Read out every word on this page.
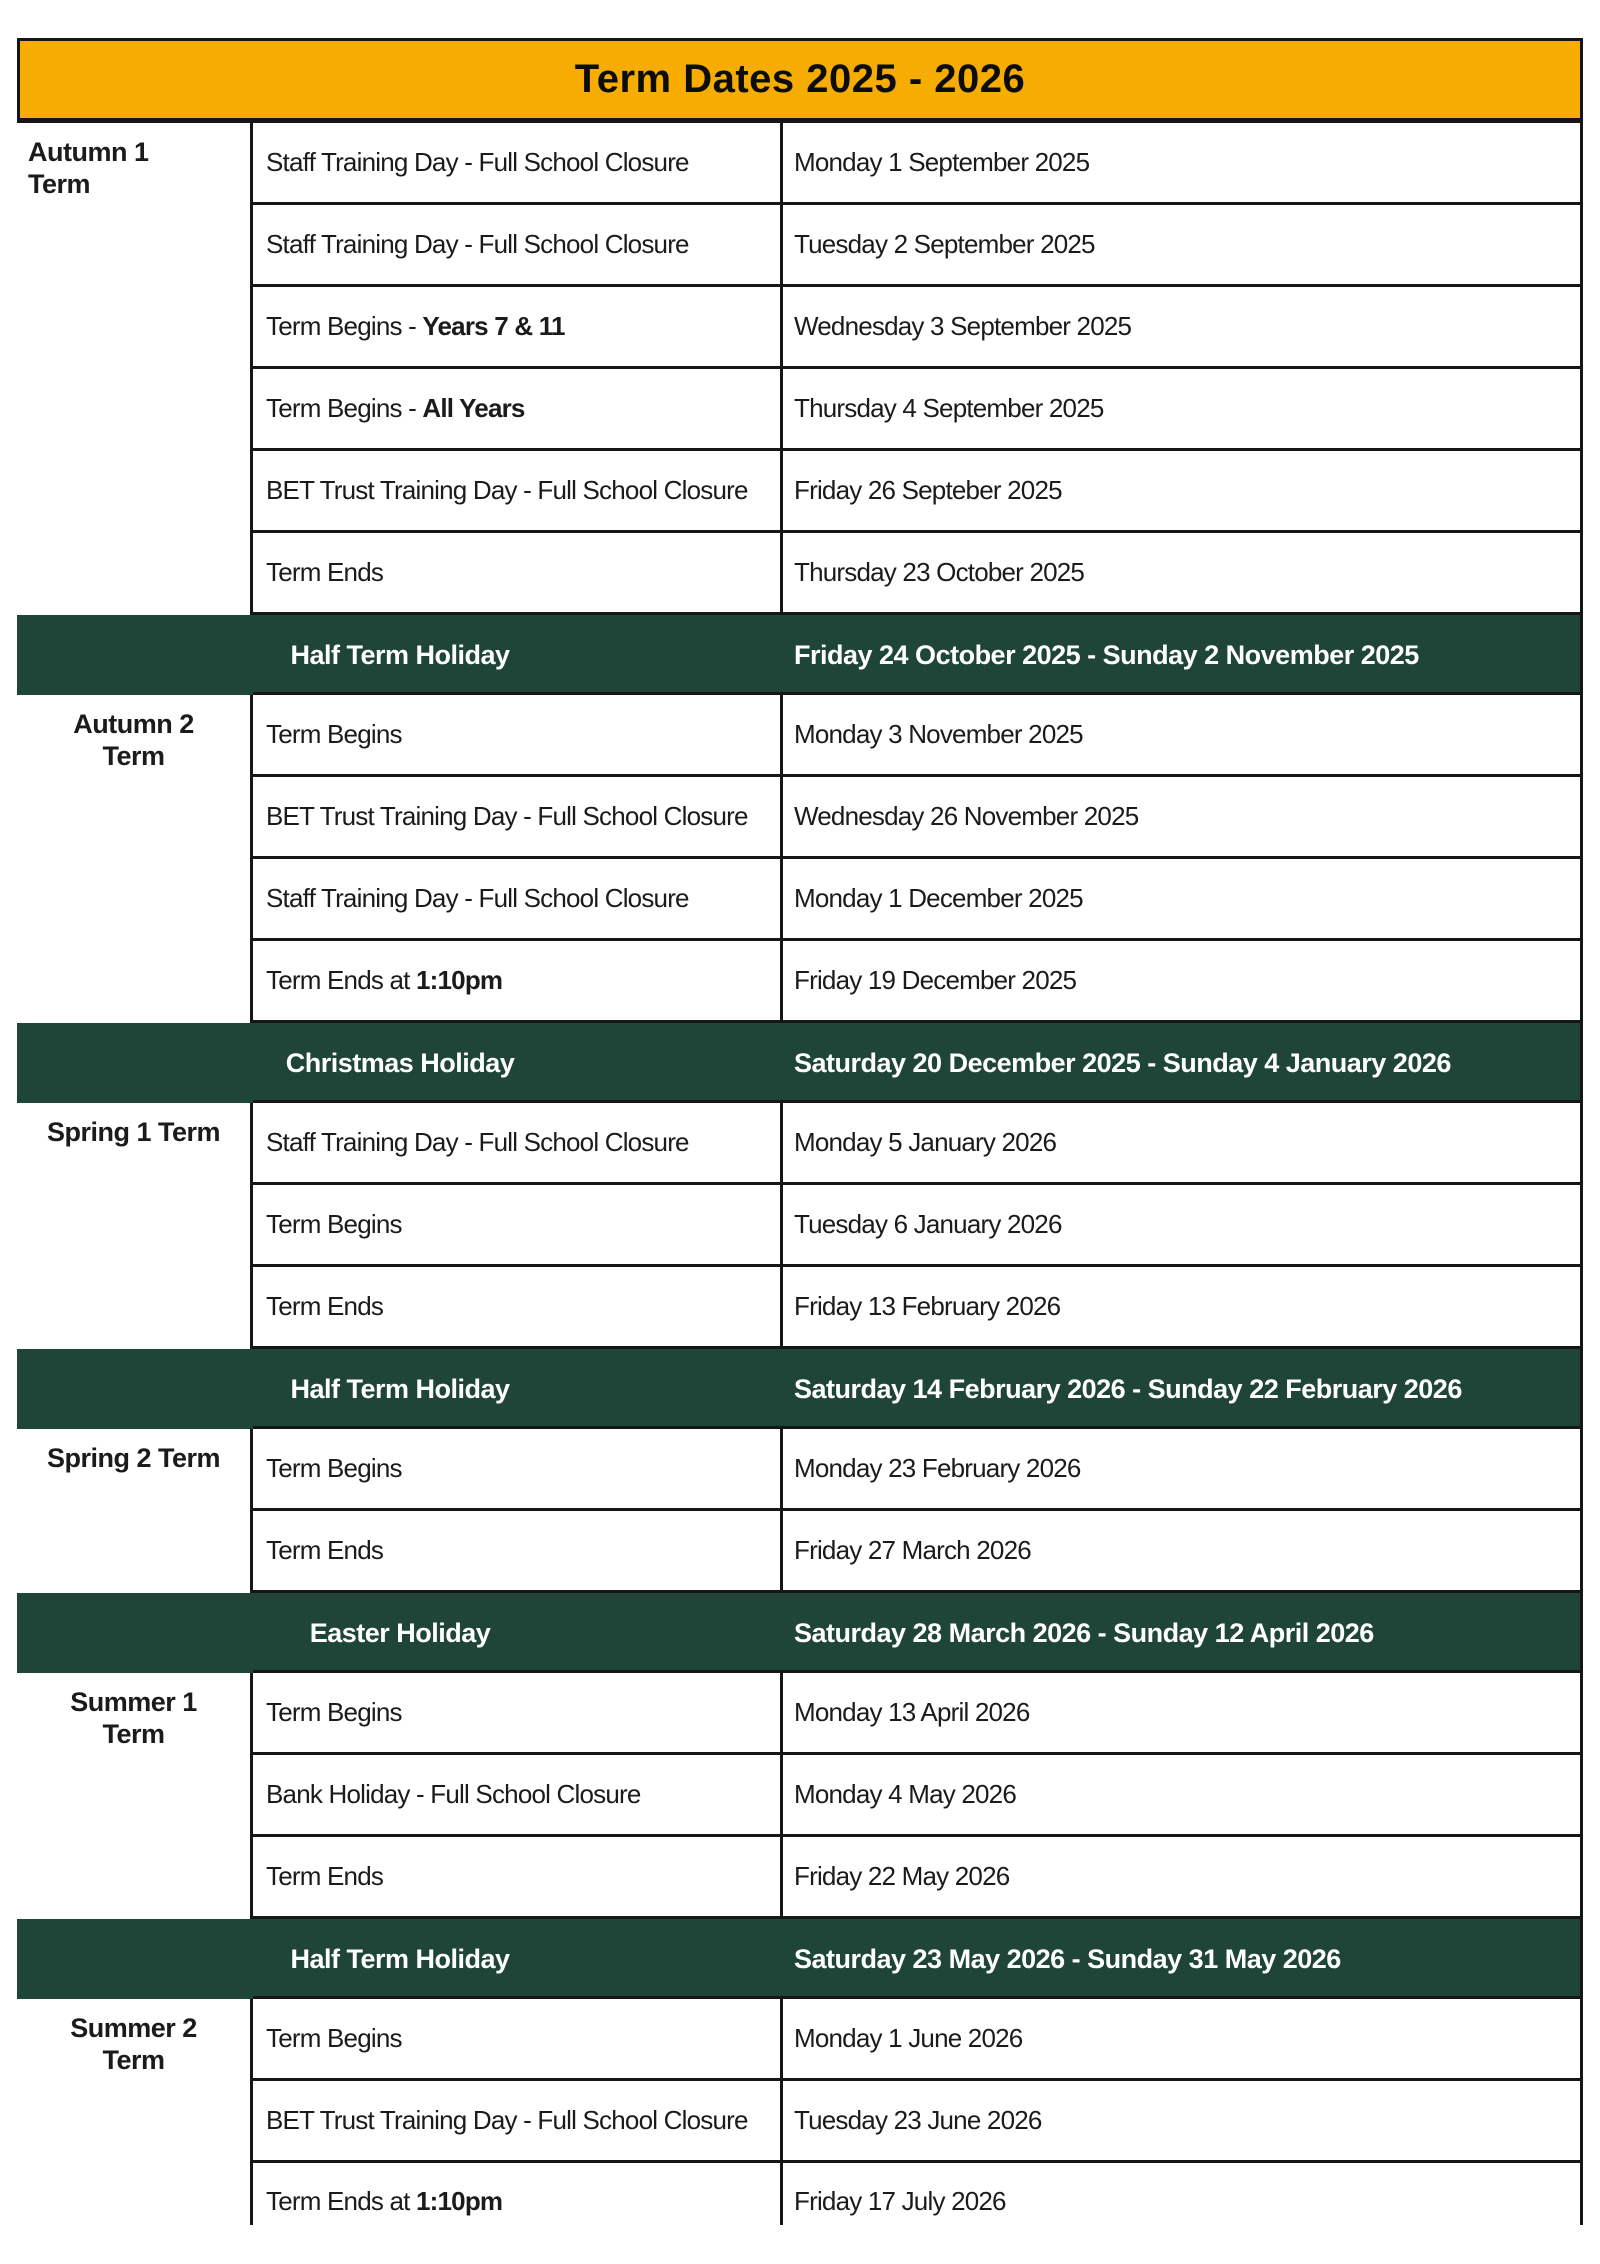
Term Dates 2025 - 2026
Autumn 1
Term
Staff Training Day - Full School Closure	Monday 1 September 2025
Staff Training Day - Full School Closure	Tuesday 2 September 2025
Term Begins - Years 7 & 11	Wednesday 3 September 2025
Term Begins - All Years	Thursday 4 September 2025
BET Trust Training Day - Full School Closure	Friday 26 Septeber 2025
Term Ends	Thursday 23 October 2025
Half Term Holiday	Friday 24 October 2025 - Sunday 2 November 2025
Autumn 2
Term
Term Begins	Monday 3 November 2025
BET Trust Training Day - Full School Closure	Wednesday 26 November 2025
Staff Training Day - Full School Closure	Monday 1 December 2025
Term Ends at 1:10pm	Friday 19 December 2025
Christmas Holiday	Saturday 20 December 2025 - Sunday 4 January 2026
Spring 1 Term	Staff Training Day - Full School Closure	Monday 5 January 2026
Term Begins	Tuesday 6 January 2026
Term Ends	Friday 13 February 2026
Half Term Holiday	Saturday 14 February 2026 - Sunday 22 February 2026
Spring 2 Term	Term Begins	Monday 23 February 2026
Term Ends	Friday 27 March 2026
Easter Holiday	Saturday 28 March 2026 - Sunday 12 April 2026
Summer 1
Term
Term Begins	Monday 13 April 2026
Bank Holiday - Full School Closure	Monday 4 May 2026
Term Ends	Friday 22 May 2026
Half Term Holiday	Saturday 23 May 2026 - Sunday 31 May 2026
Summer 2
Term
Term Begins	Monday 1 June 2026
BET Trust Training Day - Full School Closure	Tuesday 23 June 2026
Term Ends at 1:10pm	Friday 17 July 2026
